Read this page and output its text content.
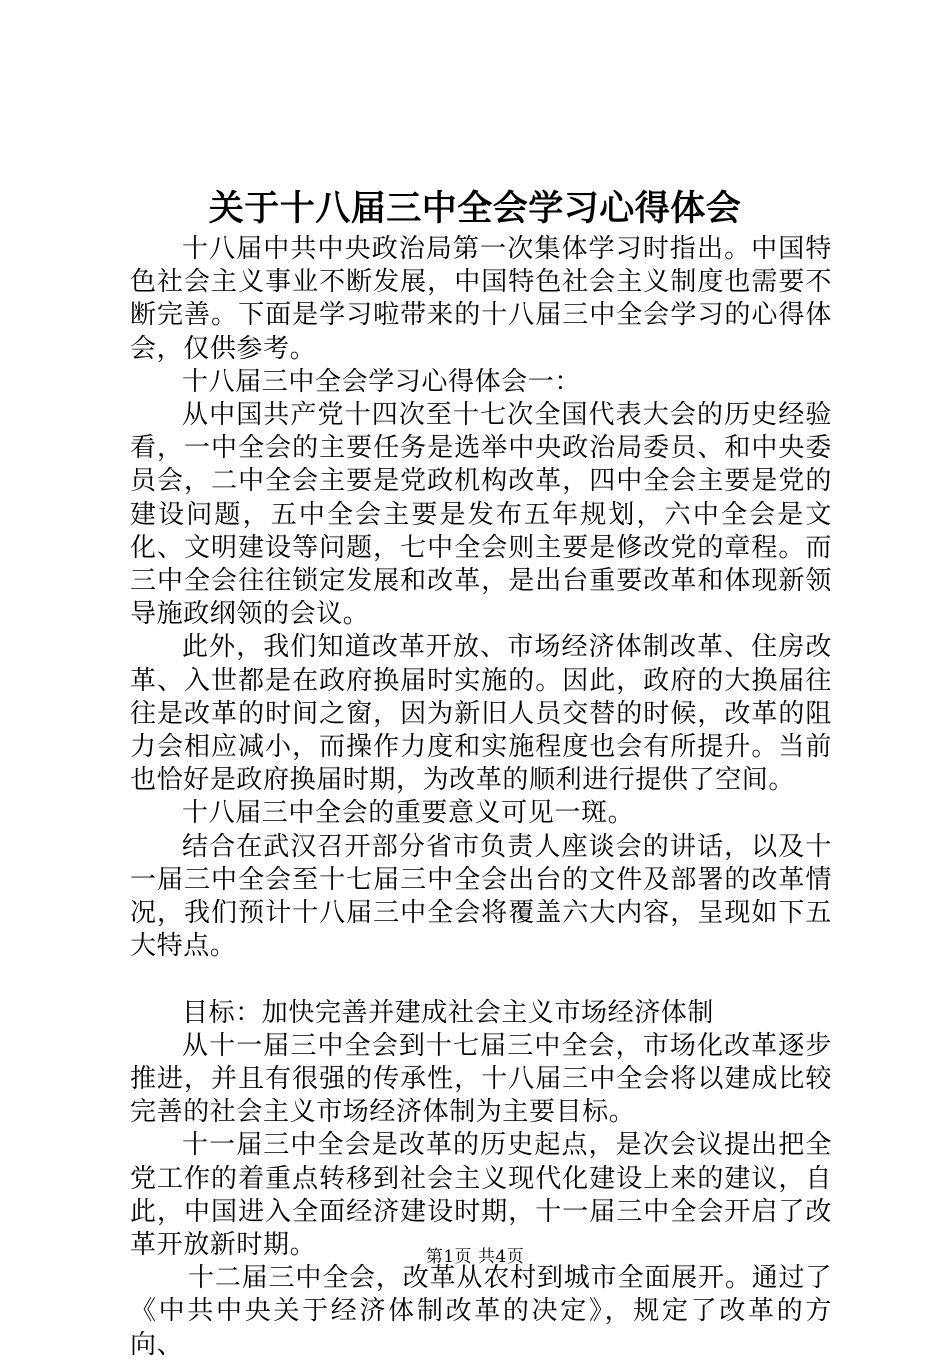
关于十八届三中全会学习心得体会

十八届中共中央政治局第一次集体学习时指出。中国特色社会主义事业不断发展，中国特色社会主义制度也需要不断完善。下面是学习啦带来的十八届三中全会学习的心得体会，仅供参考。

十八届三中全会学习心得体会一：

从中国共产党十四次至十七次全国代表大会的历史经验看，一中全会的主要任务是选举中央政治局委员、和中央委员会，二中全会主要是党政机构改革，四中全会主要是党的建设问题，五中全会主要是发布五年规划，六中全会是文化、文明建设等问题，七中全会则主要是修改党的章程。而三中全会往往锁定发展和改革，是出台重要改革和体现新领导施政纲领的会议。

此外，我们知道改革开放、市场经济体制改革、住房改革、入世都是在政府换届时实施的。因此，政府的大换届往往是改革的时间之窗，因为新旧人员交替的时候，改革的阻力会相应减小，而操作力度和实施程度也会有所提升。当前也恰好是政府换届时期，为改革的顺利进行提供了空间。

十八届三中全会的重要意义可见一斑。

结合在武汉召开部分省市负责人座谈会的讲话，以及十一届三中全会至十七届三中全会出台的文件及部署的改革情况，我们预计十八届三中全会将覆盖六大内容，呈现如下五大特点。

目标：加快完善并建成社会主义市场经济体制

从十一届三中全会到十七届三中全会，市场化改革逐步推进，并且有很强的传承性，十八届三中全会将以建成比较完善的社会主义市场经济体制为主要目标。

十一届三中全会是改革的历史起点，是次会议提出把全党工作的着重点转移到社会主义现代化建设上来的建议，自此，中国进入全面经济建设时期，十一届三中全会开启了改革开放新时期。

十二届三中全会，改革从农村到城市全面展开。通过了《中共中央关于经济体制改革的决定》，规定了改革的方向、

第1页 共4页
